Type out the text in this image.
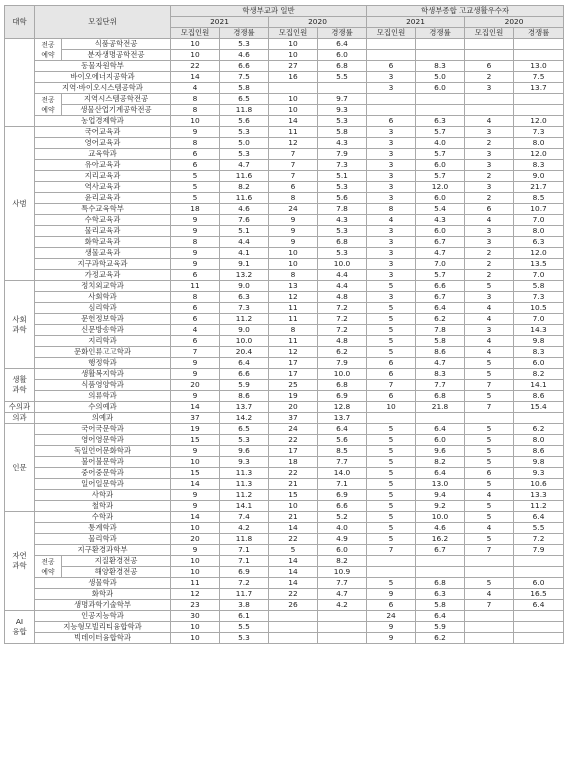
대학	모집단위		학생부교과 일반				학생부종합 고교생활우수자			
			2021		2020		2021		2020	
			모집인원	경쟁률	모집인원	경쟁률	모집인원	경쟁률	모집인원	경쟁률
	전공
예약	식품공학전공	10	5.3	10	6.4				
		분자생명공학전공	10	4.6	10	6.0				
	동물자원학부		22	6.6	27	6.8	6	8.3	6	13.0
	바이오에너지공학과		14	7.5	16	5.5	3	5.0	2	7.5
	지역·바이오시스템공학과		4	5.8			3	6.0	3	13.7
	전공
예약	지역시스템공학전공	8	6.5	10	9.7				
		생물산업기계공학전공	8	11.8	10	9.3				
	농업경제학과		10	5.6	14	5.3	6	6.3	4	12.0
사범	국어교육과		9	5.3	11	5.8	3	5.7	3	7.3
	영어교육과		8	5.0	12	4.3	3	4.0	2	8.0
	교육학과		6	5.3	7	7.9	3	5.7	3	12.0
	유아교육과		6	4.7	7	7.3	3	6.0	3	8.3
	지리교육과		5	11.6	7	5.1	3	5.7	2	9.0
	역사교육과		5	8.2	6	5.3	3	12.0	3	21.7
	윤리교육과		5	11.6	8	5.6	3	6.0	2	8.5
	특수교육학부		18	4.6	24	7.8	8	5.4	6	10.7
	수학교육과		9	7.6	9	4.3	4	4.3	4	7.0
	물리교육과		9	5.1	9	5.3	3	6.0	3	8.0
	화학교육과		8	4.4	9	6.8	3	6.7	3	6.3
	생물교육과		9	4.1	10	5.3	3	4.7	2	12.0
	지구과학교육과		9	9.1	10	10.0	3	7.0	2	13.5
	가정교육과		6	13.2	8	4.4	3	5.7	2	7.0
사회
과학	정치외교학과		11	9.0	13	4.4	5	6.6	5	5.8
	사회학과		8	6.3	12	4.8	3	6.7	3	7.3
	심리학과		6	7.3	11	7.2	5	6.4	4	10.5
	문헌정보학과		6	11.2	11	7.2	5	6.2	4	7.0
	신문방송학과		4	9.0	8	7.2	5	7.8	3	14.3
	지리학과		6	10.0	11	4.8	5	5.8	4	9.8
	문화인류고고학과		7	20.4	12	6.2	5	8.6	4	8.3
	행정학과		9	6.4	17	7.9	6	4.7	5	6.0
생활
과학	생활복지학과		9	6.6	17	10.0	6	8.3	5	8.2
	식품영양학과		20	5.9	25	6.8	7	7.7	7	14.1
	의류학과		9	8.6	19	6.9	6	6.8	5	8.6
수의과	수의예과		14	13.7	20	12.8	10	21.8	7	15.4
의과	의예과		37	14.2	37	13.7				
인문	국어국문학과		19	6.5	24	6.4	5	6.4	5	6.2
	영어영문학과		15	5.3	22	5.6	5	6.0	5	8.0
	독일언어문화학과		9	9.6	17	8.5	5	9.6	5	8.6
	불어불문학과		10	9.3	18	7.7	5	8.2	5	9.8
	중어중문학과		15	11.3	22	14.0	5	6.4	6	9.3
	일어일문학과		14	11.3	21	7.1	5	13.0	5	10.6
	사학과		9	11.2	15	6.9	5	9.4	4	13.3
	철학과		9	14.1	10	6.6	5	9.2	5	11.2
자연
과학	수학과		14	7.4	21	5.2	5	10.0	5	6.4
	통계학과		10	4.2	14	4.0	5	4.6	4	5.5
	물리학과		20	11.8	22	4.9	5	16.2	5	7.2
	지구환경과학부		9	7.1	5	6.0	7	6.7	7	7.9
	전공
예약	지질환경전공	10	7.1	14	8.2				
		해양환경전공	10	6.9	14	10.9				
	생물학과		11	7.2	14	7.7	5	6.8	5	6.0
	화학과		12	11.7	22	4.7	9	6.3	4	16.5
	생명과학기술학부		23	3.8	26	4.2	6	5.8	7	6.4
AI
융합	인공지능학과		30	6.1			24	6.4		
	지능형모빌리티융합학과		10	5.5			9	5.9		
	빅데이터융합학과		10	5.3			9	6.2		
